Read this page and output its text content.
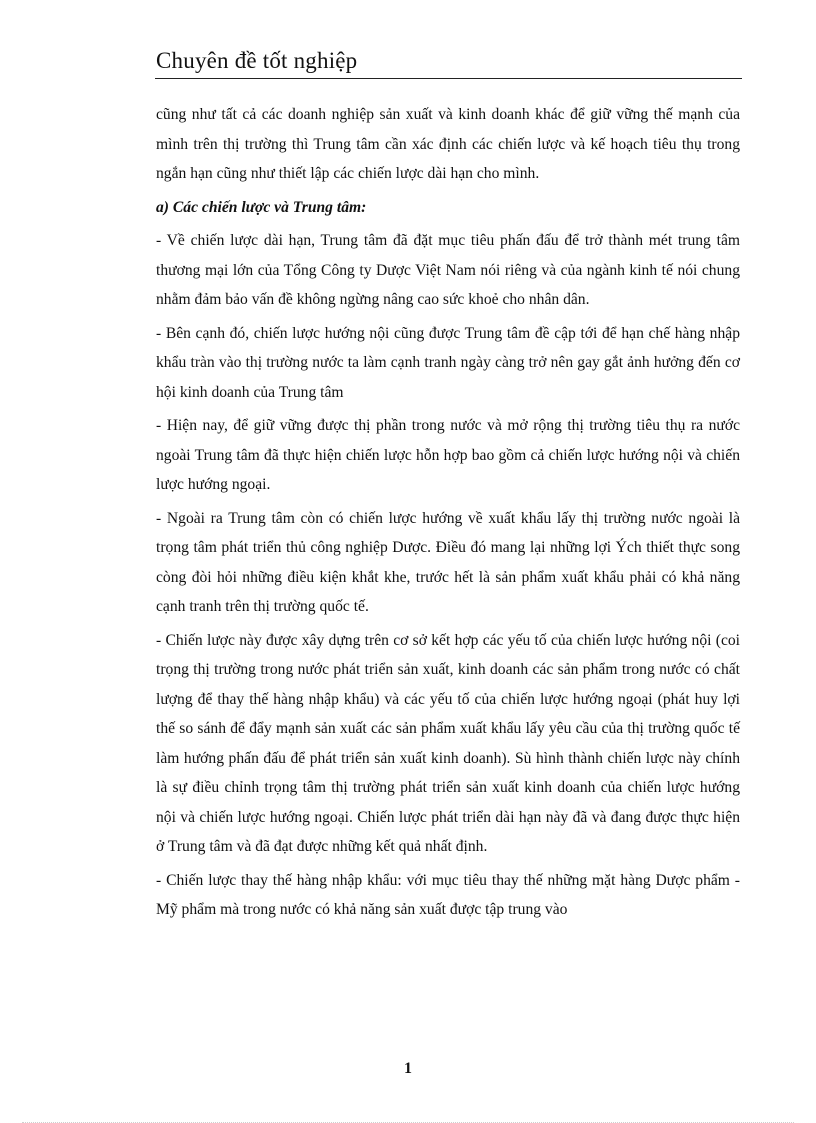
Chuyên đề tốt nghiệp

cũng như tất cả các doanh nghiệp sản xuất và kinh doanh khác để giữ vững thế mạnh của mình trên thị trường thì Trung tâm cần xác định các chiến lược và kế hoạch tiêu thụ trong ngắn hạn cũng như thiết lập các chiến lược dài hạn cho mình.

a) Các chiến lược và Trung tâm:

- Về chiến lược dài hạn, Trung tâm đã đặt mục tiêu phấn đấu để trở thành mét trung tâm thương mại lớn của Tổng Công ty Dược Việt Nam nói riêng và của ngành kinh tế nói chung nhằm đảm bảo vấn đề không ngừng nâng cao sức khoẻ cho nhân dân.

- Bên cạnh đó, chiến lược hướng nội cũng được Trung tâm đề cập tới để hạn chế hàng nhập khẩu tràn vào thị trường nước ta làm cạnh tranh ngày càng trở nên gay gắt ảnh hưởng đến cơ hội kinh doanh của Trung tâm

- Hiện nay, để giữ vững được thị phần trong nước và mở rộng thị trường tiêu thụ ra nước ngoài Trung tâm đã thực hiện chiến lược hỗn hợp bao gồm cả chiến lược hướng nội và chiến lược hướng ngoại.

- Ngoài ra Trung tâm còn có chiến lược hướng về xuất khẩu lấy thị trường nước ngoài là trọng tâm phát triển thủ công nghiệp Dược. Điều đó mang lại những lợi Ých thiết thực song còng đòi hỏi những điều kiện khắt khe, trước hết là sản phẩm xuất khẩu phải có khả năng cạnh tranh trên thị trường quốc tế.

- Chiến lược này được xây dựng trên cơ sở kết hợp các yếu tố của chiến lược hướng nội (coi trọng thị trường trong nước phát triển sản xuất, kinh doanh các sản phẩm trong nước có chất lượng để thay thế hàng nhập khẩu) và các yếu tố của chiến lược hướng ngoại (phát huy lợi thế so sánh để đẩy mạnh sản xuất các sản phẩm xuất khẩu lấy yêu cầu của thị trường quốc tế làm hướng phấn đấu để phát triển sản xuất kinh doanh). Sù hình thành chiến lược này chính là sự điều chỉnh trọng tâm thị trường phát triển sản xuất kinh doanh của chiến lược hướng nội và chiến lược hướng ngoại. Chiến lược phát triển dài hạn này đã và đang được thực hiện ở Trung tâm và đã đạt được những kết quả nhất định.

- Chiến lược thay thế hàng nhập khẩu: với mục tiêu thay thế những mặt hàng Dược phẩm - Mỹ phẩm mà trong nước có khả năng sản xuất được tập trung vào

1
